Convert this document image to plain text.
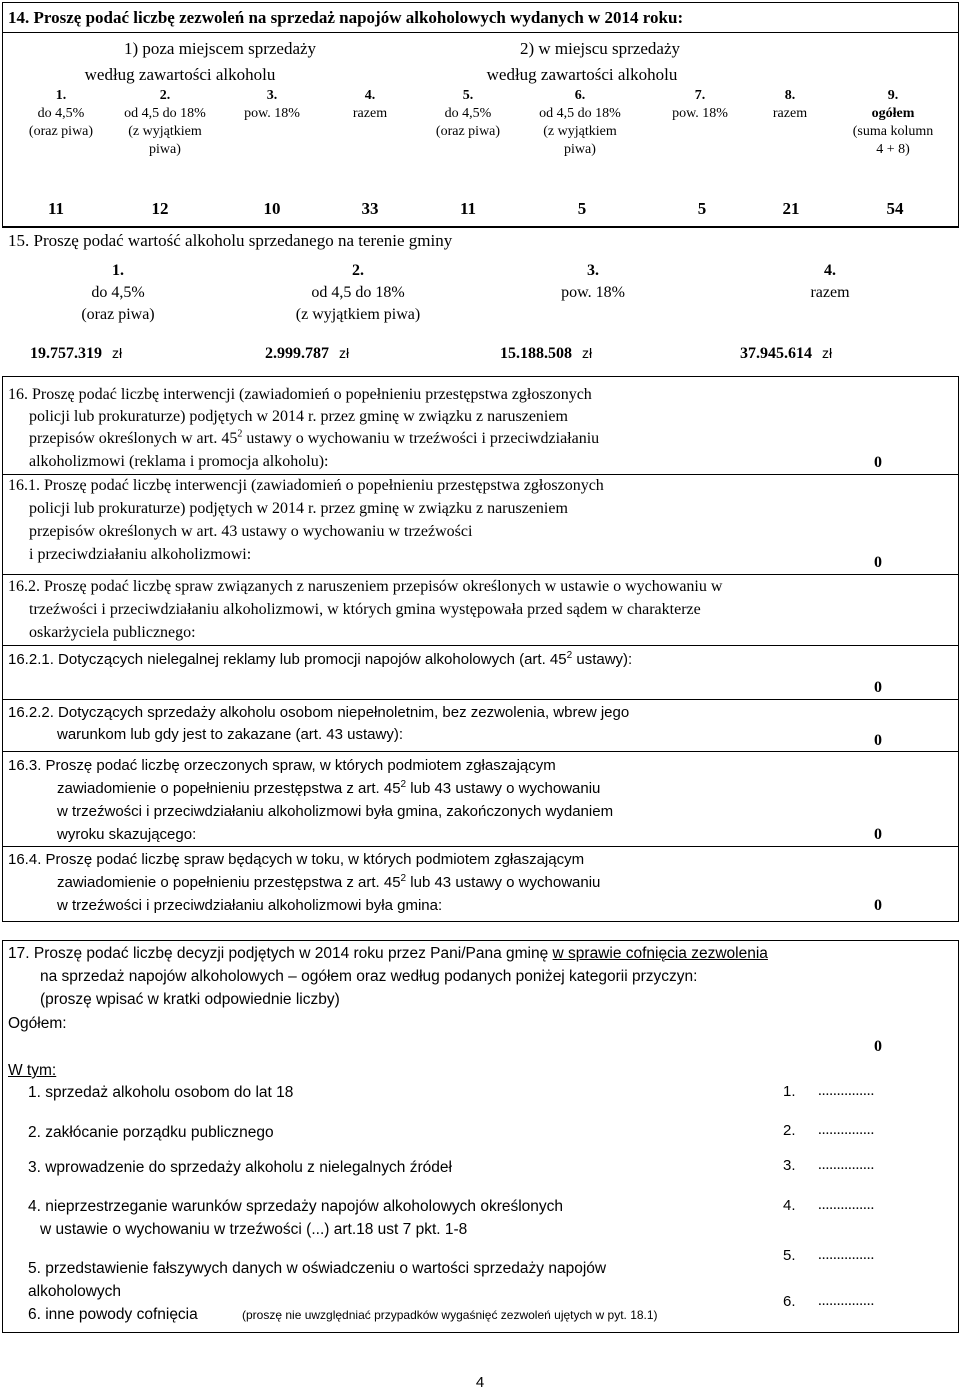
14. Proszę podać liczbę zezwoleń na sprzedaż napojów alkoholowych wydanych w 2014 roku:
1) poza miejscem sprzedaży	2) w miejscu sprzedaży
według zawartości alkoholu	według zawartości alkoholu
1.
do 4,5%
(oraz piwa)
2.
od 4,5 do 18%
(z wyjątkiem
piwa)
3.
pow. 18%
4.
razem
5.
do 4,5%
(oraz piwa)
6.
od 4,5 do 18%
(z wyjątkiem
piwa)
7.
pow. 18%
8.
razem
9.
ogółem
(suma kolumn
4 + 8)
11	12	10	33	11	5	5	21	54
15. Proszę podać wartość alkoholu sprzedanego na terenie gminy
1.
do 4,5%
(oraz piwa)
2.
od 4,5 do 18%
(z wyjątkiem piwa)
3.
pow. 18%
4.
razem
19.757.319 zł	2.999.787 zł	15.188.508 zł	37.945.614 zł
16. Proszę podać liczbę interwencji (zawiadomień o popełnieniu przestępstwa zgłoszonych
policji lub prokuraturze) podjętych w 2014 r. przez gminę w związku z naruszeniem
przepisów określonych w art. $45^2$ ustawy o wychowaniu w trzeźwości i przeciwdziałaniu
alkoholizmowi (reklama i promocja alkoholu):	0
16.1. Proszę podać liczbę interwencji (zawiadomień o popełnieniu przestępstwa zgłoszonych
policji lub prokuraturze) podjętych w 2014 r. przez gminę w związku z naruszeniem
przepisów określonych w art. 43 ustawy o wychowaniu w trzeźwości
i przeciwdziałaniu alkoholizmowi:	0
16.2. Proszę podać liczbę spraw związanych z naruszeniem przepisów określonych w ustawie o wychowaniu w
trzeźwości i przeciwdziałaniu alkoholizmowi, w których gmina występowała przed sądem w charakterze
oskarżyciela publicznego:
16.2.1. Dotyczących nielegalnej reklamy lub promocji napojów alkoholowych (art. $45^2$ ustawy):
0
16.2.2. Dotyczących sprzedaży alkoholu osobom niepełnoletnim, bez zezwolenia, wbrew jego
warunkom lub gdy jest to zakazane (art. 43 ustawy):	0
16.3. Proszę podać liczbę orzeczonych spraw, w których podmiotem zgłaszającym
zawiadomienie o popełnieniu przestępstwa z art. $45^2$ lub 43 ustawy o wychowaniu
w trzeźwości i przeciwdziałaniu alkoholizmowi była gmina, zakończonych wydaniem
wyroku skazującego:	0
16.4. Proszę podać liczbę spraw będących w toku, w których podmiotem zgłaszającym
zawiadomienie o popełnieniu przestępstwa z art. $45^2$ lub 43 ustawy o wychowaniu
w trzeźwości i przeciwdziałaniu alkoholizmowi była gmina:	0
17. Proszę podać liczbę decyzji podjętych w 2014 roku przez Pani/Pana gminę w sprawie cofnięcia zezwolenia
na sprzedaż napojów alkoholowych – ogółem oraz według podanych poniżej kategorii przyczyn:
(proszę wpisać w kratki odpowiednie liczby)
Ogółem:
0
W tym:
1. sprzedaż alkoholu osobom do lat 18	1. ...............
2. zakłócanie porządku publicznego	2. ...............
3. wprowadzenie do sprzedaży alkoholu z nielegalnych źródeł	3. ...............
4. nieprzestrzeganie warunków sprzedaży napojów alkoholowych określonych
w ustawie o wychowaniu w trzeźwości (...) art.18 ust 7 pkt. 1-8
4. ...............
5. przedstawienie fałszywych danych w oświadczeniu o wartości sprzedaży napojów
alkoholowych
5. ...............
6. inne powody cofnięcia	(proszę nie uwzględniać przypadków wygaśnięć zezwoleń ujętych w pyt. 18.1)
6. ...............
4
